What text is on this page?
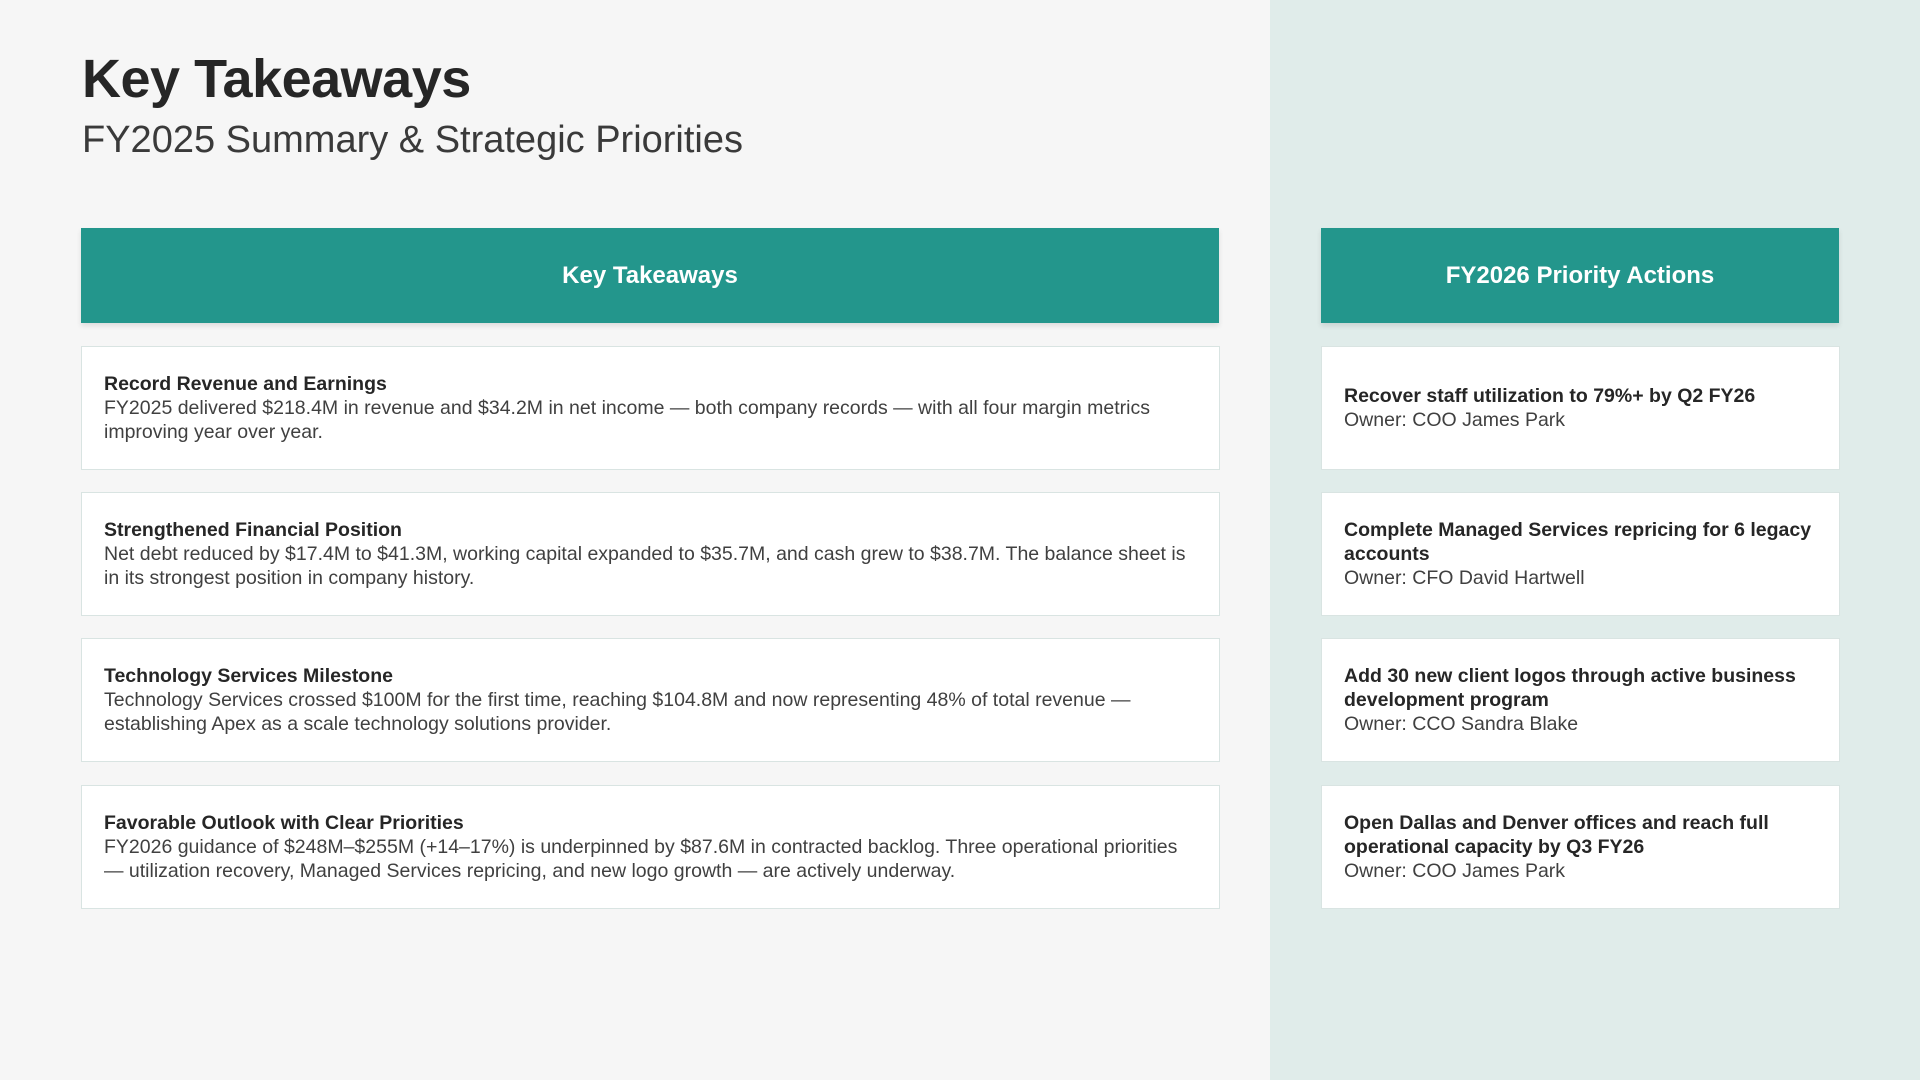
Key Takeaways
FY2025 Summary & Strategic Priorities
Key Takeaways	FY2026 Priority Actions
Record Revenue and Earnings
FY2025 delivered $218.4M in revenue and $34.2M in net income — both company records — with all four margin metrics improving year over year.
Strengthened Financial Position
Net debt reduced by $17.4M to $41.3M, working capital expanded to $35.7M, and cash grew to $38.7M. The balance sheet is in its strongest position in company history.
Technology Services Milestone
Technology Services crossed $100M for the first time, reaching $104.8M and now representing 48% of total revenue — establishing Apex as a scale technology solutions provider.
Favorable Outlook with Clear Priorities
FY2026 guidance of $248M–$255M (+14–17%) is underpinned by $87.6M in contracted backlog. Three operational priorities — utilization recovery, Managed Services repricing, and new logo growth — are actively underway.
Recover staff utilization to 79%+ by Q2 FY26
Owner: COO James Park
Complete Managed Services repricing for 6 legacy accounts
Owner: CFO David Hartwell
Add 30 new client logos through active business development program
Owner: CCO Sandra Blake
Open Dallas and Denver offices and reach full operational capacity by Q3 FY26
Owner: COO James Park
